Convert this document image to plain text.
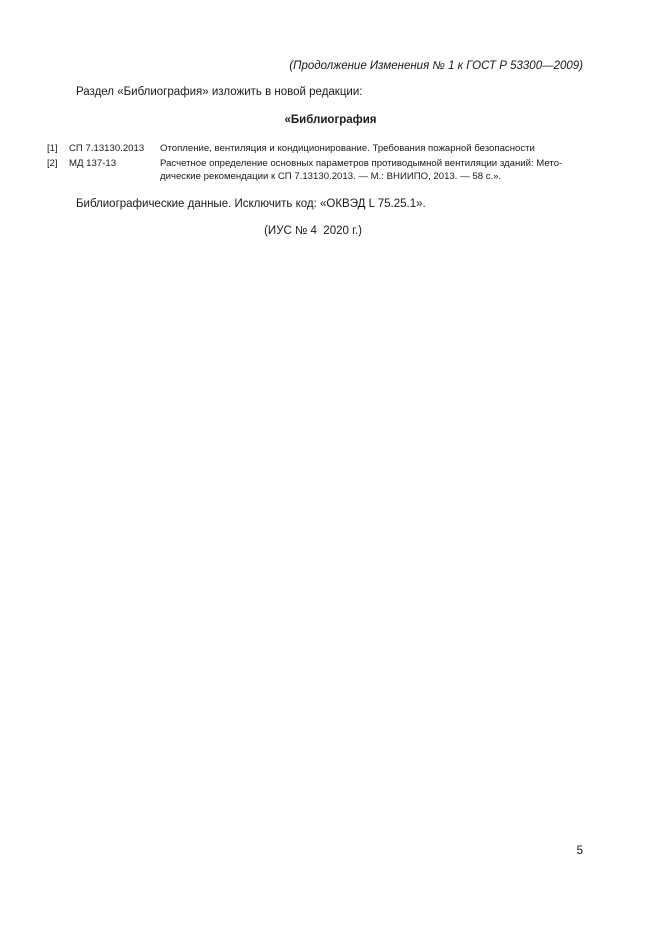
(Продолжение Изменения № 1 к ГОСТ Р 53300—2009)
Раздел «Библиография» изложить в новой редакции:
«Библиография
[1] СП 7.13130.2013 Отопление, вентиляция и кондиционирование. Требования пожарной безопасности
[2] МД 137-13	Расчетное определение основных параметров противодымной вентиляции зданий: Мето-
дические рекомендации к СП 7.13130.2013. — М.: ВНИИПО, 2013. — 58 с.».
Библиографические данные. Исключить код: «ОКВЭД L 75.25.1».
(ИУС № 4  2020 г.)
5
